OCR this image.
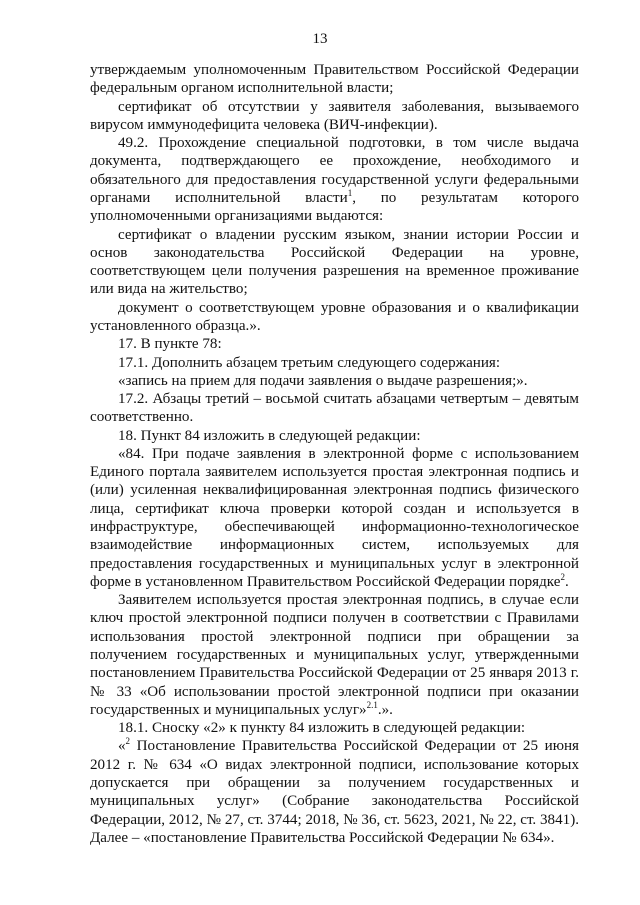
13

утверждаемым уполномоченным Правительством Российской Федерации федеральным органом исполнительной власти;

сертификат об отсутствии у заявителя заболевания, вызываемого вирусом иммунодефицита человека (ВИЧ-инфекции).

49.2. Прохождение специальной подготовки, в том числе выдача документа, подтверждающего ее прохождение, необходимого и обязательного для предоставления государственной услуги федеральными органами исполнительной власти$^1$, по результатам которого уполномоченными организациями выдаются:

сертификат о владении русским языком, знании истории России и основ законодательства Российской Федерации на уровне, соответствующем цели получения разрешения на временное проживание или вида на жительство;

документ о соответствующем уровне образования и о квалификации установленного образца.».

17. В пункте 78:

17.1. Дополнить абзацем третьим следующего содержания:

«запись на прием для подачи заявления о выдаче разрешения;».

17.2. Абзацы третий – восьмой считать абзацами четвертым – девятым соответственно.

18. Пункт 84 изложить в следующей редакции:

«84. При подаче заявления в электронной форме с использованием Единого портала заявителем используется простая электронная подпись и (или) усиленная неквалифицированная электронная подпись физического лица, сертификат ключа проверки которой создан и используется в инфраструктуре, обеспечивающей информационно-технологическое взаимодействие информационных систем, используемых для предоставления государственных и муниципальных услуг в электронной форме в установленном Правительством Российской Федерации порядке$^2$.

Заявителем используется простая электронная подпись, в случае если ключ простой электронной подписи получен в соответствии с Правилами использования простой электронной подписи при обращении за получением государственных и муниципальных услуг, утвержденными постановлением Правительства Российской Федерации от 25 января 2013 г. № 33 «Об использовании простой электронной подписи при оказании государственных и муниципальных услуг»$^{2.1}$.».

18.1. Сноску «2» к пункту 84 изложить в следующей редакции:

«$^2$ Постановление Правительства Российской Федерации от 25 июня 2012 г. № 634 «О видах электронной подписи, использование которых допускается при обращении за получением государственных и муниципальных услуг» (Собрание законодательства Российской Федерации, 2012, № 27, ст. 3744; 2018, № 36, ст. 5623, 2021, № 22, ст. 3841). Далее – «постановление Правительства Российской Федерации № 634».
